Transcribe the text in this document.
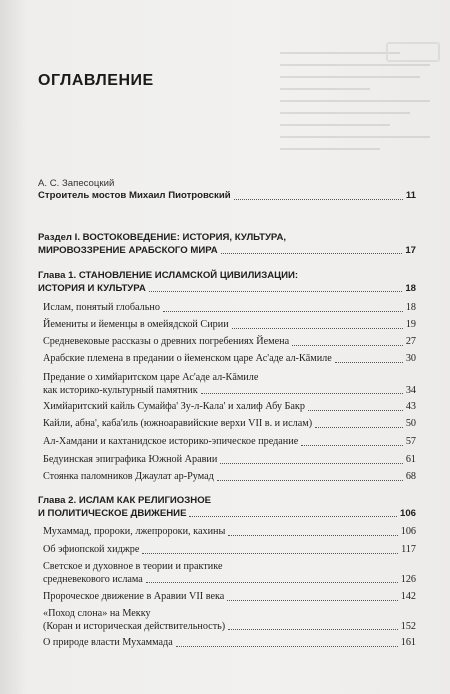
ОГЛАВЛЕНИЕ
А. С. Запесоцкий
Строитель мостов Михаил Пиотровский	11
Раздел I. ВОСТОКОВЕДЕНИЕ: ИСТОРИЯ, КУЛЬТУРА,
МИРОВОЗЗРЕНИЕ АРАБСКОГО МИРА	17
Глава 1. СТАНОВЛЕНИЕ ИСЛАМСКОЙ ЦИВИЛИЗАЦИИ:
ИСТОРИЯ И КУЛЬТУРА	18
Ислам, понятый глобально	18
Йемениты и йеменцы в омейядской Сирии	19
Средневековые рассказы о древних погребениях Йемена	27
Арабские племена в предании о йеменском царе Ас'аде ал-Кāмиле	30
Предание о химйаритском царе Ас'аде ал-Кāмиле
как историко-культурный памятник	34
Химйаритский кайль Сумайфа' Зу-л-Кала' и халиф Абу Бакр	43
Кайли, абна', каба'иль (южноаравийские верхи VII в. и ислам)	50
Ал-Хамдани и кахтанидское историко-эпическое предание	57
Бедуинская эпиграфика Южной Аравии	61
Стоянка паломников Джаулат ар-Румад	68
Глава 2. ИСЛАМ КАК РЕЛИГИОЗНОЕ
И ПОЛИТИЧЕСКОЕ ДВИЖЕНИЕ	106
Мухаммад, пророки, лжепророки, кахины	106
Об эфиопской хиджре	117
Светское и духовное в теории и практике
средневекового ислама	126
Пророческое движение в Аравии VII века	142
«Поход слона» на Мекку
(Коран и историческая действительность)	152
О природе власти Мухаммада	161
